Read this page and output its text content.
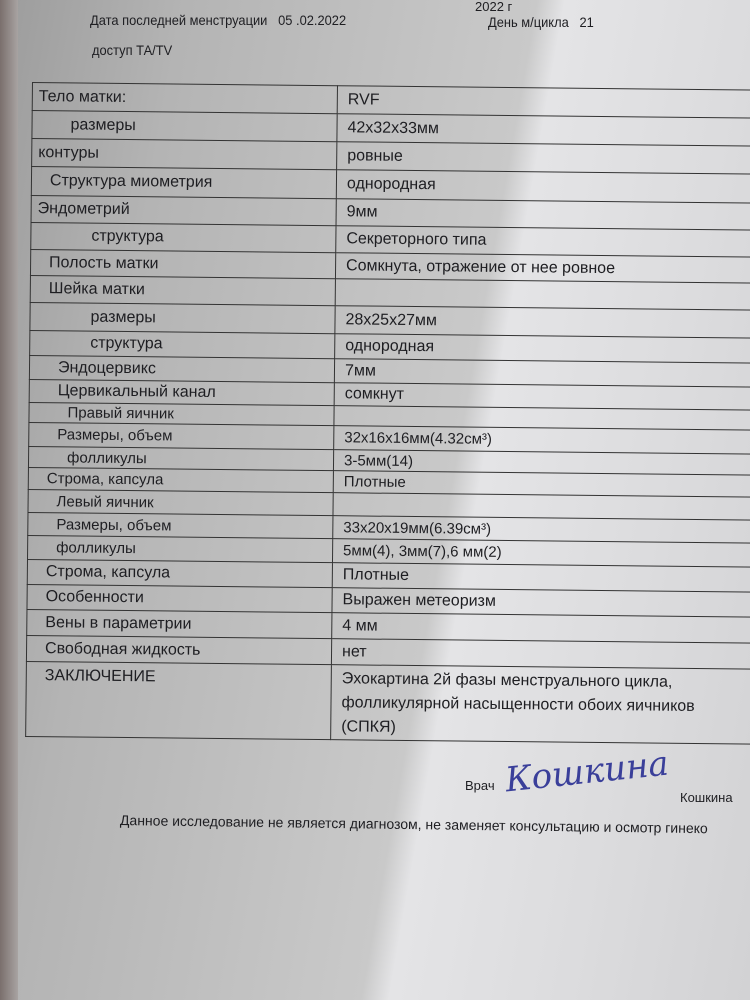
2022 г
Дата последней менструации 05 .02.2022	День м/цикла 21
доступ ТА/TV
Тело матки:	RVF
размеры	42x32x33мм
контуры	ровные
Структура миометрия	однородная
Эндометрий	9мм
структура	Секреторного типа
Полость матки	Сомкнута, отражение от нее ровное
Шейка матки	
размеры	28x25x27мм
структура	однородная
Эндоцервикс	7мм
Цервикальный канал	сомкнут
Правый яичник	
Размеры, объем	32x16x16мм(4.32см³)
фолликулы	3-5мм(14)
Строма, капсула	Плотные
Левый яичник	
Размеры, объем	33x20x19мм(6.39см³)
фолликулы	5мм(4), 3мм(7),6 мм(2)
Строма, капсула	Плотные
Особенности	Выражен метеоризм
Вены в параметрии	4 мм
Свободная жидкость	нет
ЗАКЛЮЧЕНИЕ	Эхокартина 2й фазы менструального цикла,
фолликулярной насыщенности обоих яичников
(СПКЯ)
Врач Кошкина Кошкина
Данное исследование не является диагнозом, не заменяет консультацию и осмотр гинеко
